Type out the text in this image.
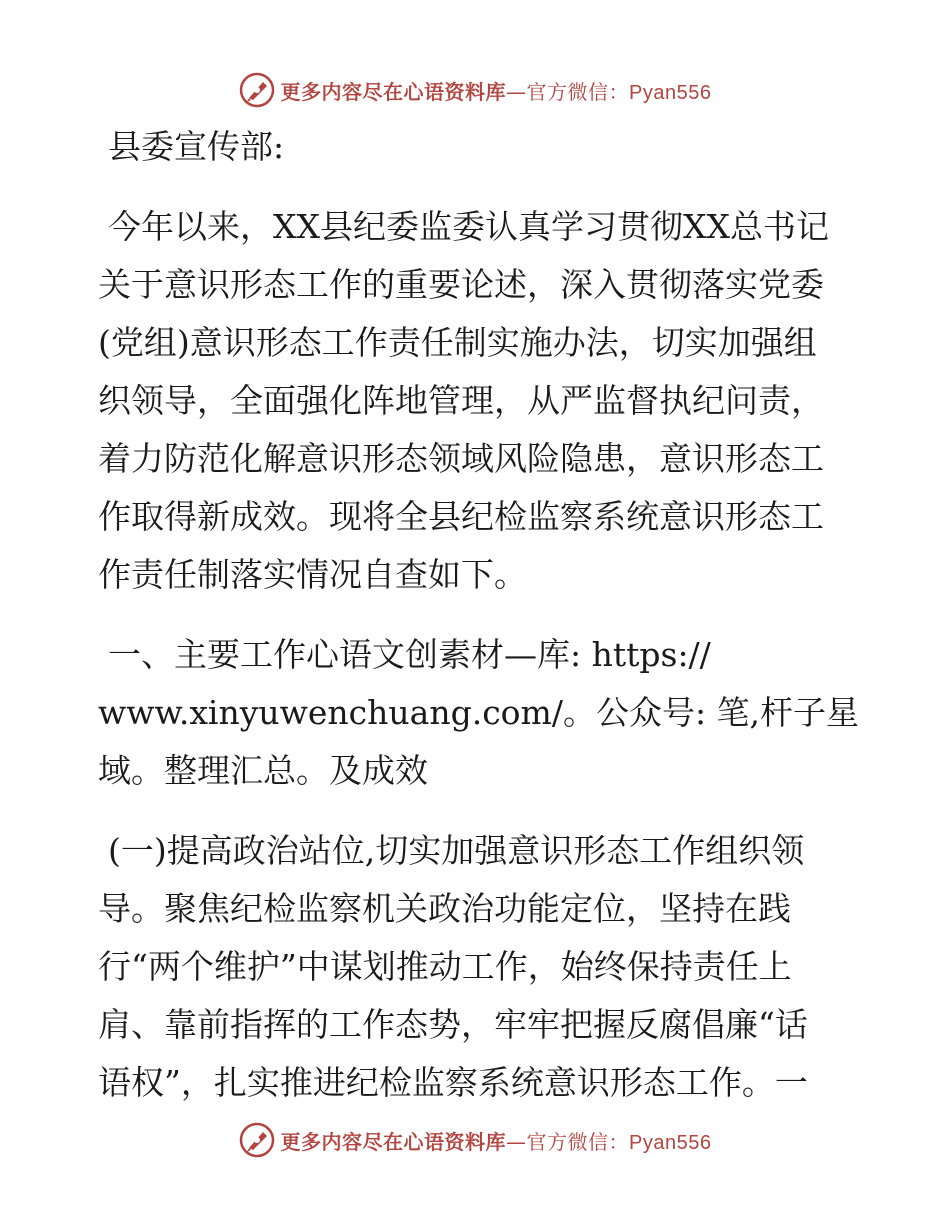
更多内容尽在心语资料库—官方微信：Pyan556
县委宣传部:
今年以来，XX县纪委监委认真学习贯彻XX总书记
关于意识形态工作的重要论述，深入贯彻落实党委
(党组)意识形态工作责任制实施办法，切实加强组
织领导，全面强化阵地管理，从严监督执纪问责，
着力防范化解意识形态领域风险隐患，意识形态工
作取得新成效。现将全县纪检监察系统意识形态工
作责任制落实情况自查如下。
一、主要工作心语文创素材—库: https://
www.xinyuwenchuang.com/。公众号: 笔,杆子星
域。整理汇总。及成效
(一)提高政治站位,切实加强意识形态工作组织领
导。聚焦纪检监察机关政治功能定位，坚持在践
行“两个维护”中谋划推动工作，始终保持责任上
肩、靠前指挥的工作态势，牢牢把握反腐倡廉“话
语权”，扎实推进纪检监察系统意识形态工作。一
更多内容尽在心语资料库—官方微信：Pyan556
